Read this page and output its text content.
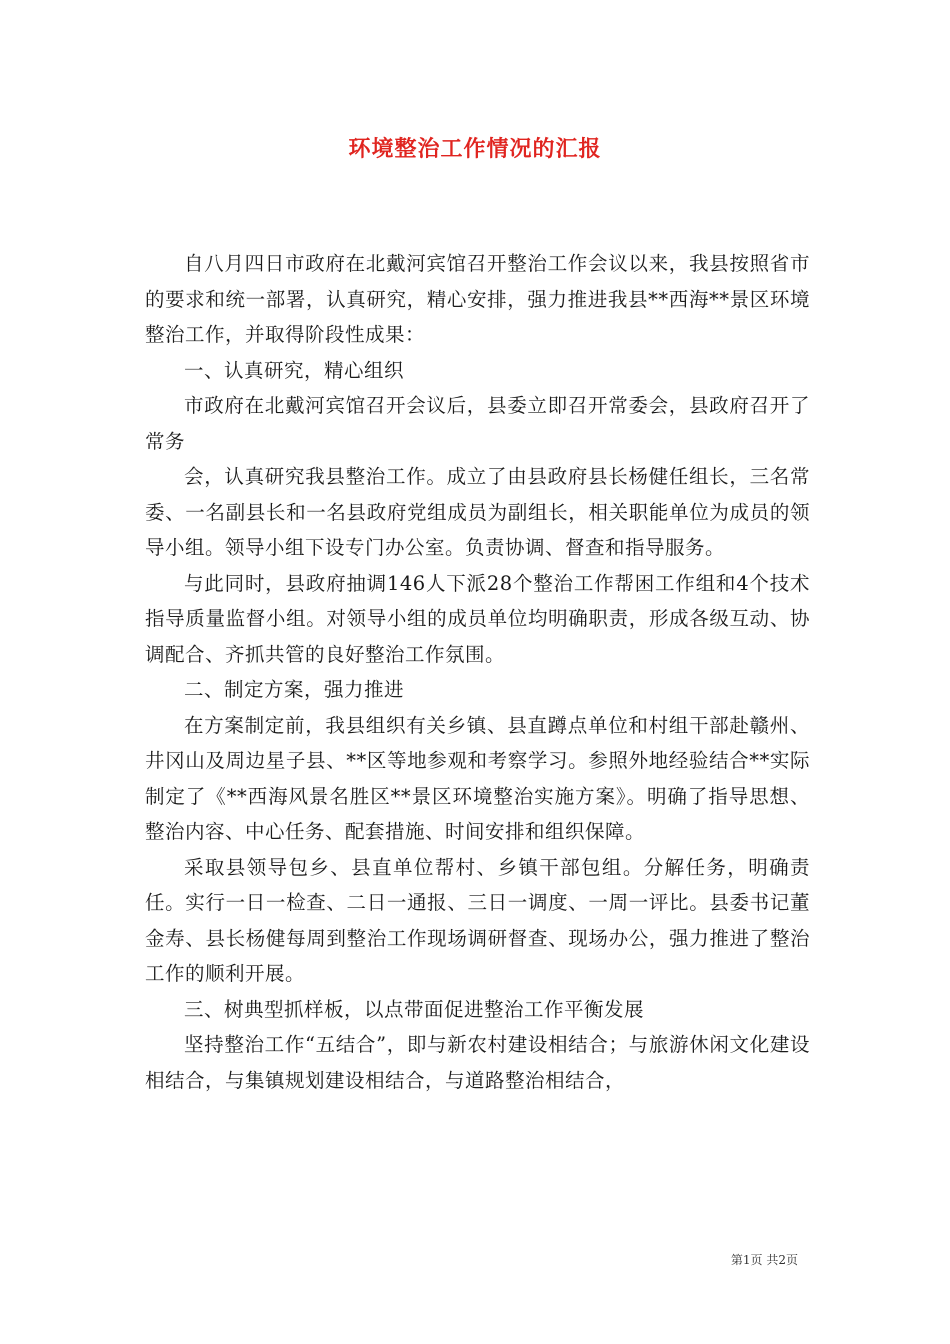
环境整治工作情况的汇报

自八月四日市政府在北戴河宾馆召开整治工作会议以来，我县按照省市的要求和统一部署，认真研究，精心安排，强力推进我县**西海**景区环境整治工作，并取得阶段性成果：

一、认真研究，精心组织

市政府在北戴河宾馆召开会议后，县委立即召开常委会，县政府召开了常务

会，认真研究我县整治工作。成立了由县政府县长杨健任组长，三名常委、一名副县长和一名县政府党组成员为副组长，相关职能单位为成员的领导小组。领导小组下设专门办公室。负责协调、督查和指导服务。

与此同时，县政府抽调146人下派28个整治工作帮困工作组和4个技术指导质量监督小组。对领导小组的成员单位均明确职责，形成各级互动、协调配合、齐抓共管的良好整治工作氛围。

二、制定方案，强力推进

在方案制定前，我县组织有关乡镇、县直蹲点单位和村组干部赴赣州、井冈山及周边星子县、**区等地参观和考察学习。参照外地经验结合**实际制定了《**西海风景名胜区**景区环境整治实施方案》。明确了指导思想、整治内容、中心任务、配套措施、时间安排和组织保障。

采取县领导包乡、县直单位帮村、乡镇干部包组。分解任务，明确责任。实行一日一检查、二日一通报、三日一调度、一周一评比。县委书记董金寿、县长杨健每周到整治工作现场调研督查、现场办公，强力推进了整治工作的顺利开展。

三、树典型抓样板，以点带面促进整治工作平衡发展

坚持整治工作“五结合”，即与新农村建设相结合；与旅游休闲文化建设相结合，与集镇规划建设相结合，与道路整治相结合，

第1页 共2页
